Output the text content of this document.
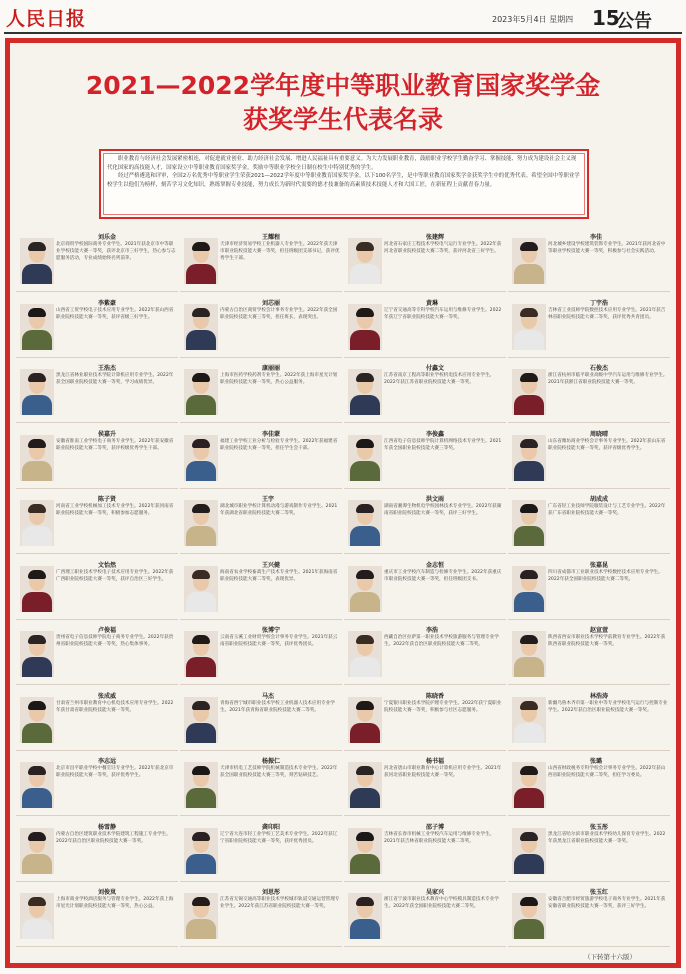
人民日报	2023年5月4日 星期四 15
公告
2021—2022学年度中等职业教育国家奖学金
获奖学生代表名录

职业教育与经济社会发展紧密相连，对促进就业创业、助力经济社会发展、增进人民福祉具有重要意义。为大力发展职业教育，鼓励职业学校学生勤奋学习、掌握技能、努力成为建设社会主义现代化国家的高技能人才，国家设立中等职业教育国家奖学金，奖励中等职业学校全日制在校生中特别优秀的学生。

经过严格遴选和评审，全国2万名优秀中等职业学生荣获2021—2022学年度中等职业教育国家奖学金，以下100名学生，是中等职业教育国家奖学金获奖学生中的优秀代表。希望全国中等职业学校学生以他们为榜样，刻苦学习文化知识，熟练掌握专业技能，努力成长为新时代需要的德才技兼备的高素质技术技能人才和大国工匠，在新征程上贡献青春力量。

刘乐金
北京商贸学校国际商务专业学生。2021年获北京市中等职业学校技能大赛一等奖，获评北京市三好学生，热心参与志愿服务活动，专业成绩始终名列前茅。
王耀程
天津市经济贸易学校工业机器人专业学生。2022年获天津市职业院校技能大赛一等奖，担任班级团支部书记，获评优秀学生干部。
张建辉
河北省石家庄工程技术学校电气运行专业学生。2022年获河北省职业院校技能大赛二等奖，获评河北省三好学生。
李佳
河北城乡建设学校建筑装饰专业学生。2021年获河北省中等职业学校技能大赛一等奖，积极参与社会实践活动。
李紫豪
山西省工贸学校电子技术应用专业学生。2022年获山西省职业院校技能大赛一等奖，获评省级三好学生。
刘芯丽
内蒙古自治区商贸学校会计事务专业学生。2022年获全国职业院校技能大赛三等奖，担任班长，表现突出。
黄琳
辽宁省交通高等专科学校汽车运用与维修专业学生。2022年获辽宁省职业院校技能大赛一等奖。
丁宇浩
吉林省工业技师学院数控技术应用专业学生。2021年获吉林省职业院校技能大赛二等奖，获评优秀共青团员。
王浩杰
黑龙江省林业职业技术学院计算机应用专业学生。2022年获全国职业院校技能大赛一等奖，学习成绩优异。
康丽丽
上海市医药学校药剂专业学生。2022年获上海市星光计划职业院校技能大赛一等奖，热心公益服务。
付鑫文
江苏省南京工程高等职业学校机电技术应用专业学生。2022年获江苏省职业院校技能大赛一等奖。
石俊杰
浙江省杭州市临平职业高级中学汽车运用与维修专业学生。2021年获浙江省职业院校技能大赛一等奖。
侯嘉升
安徽省淮南工业学校电子商务专业学生。2022年获安徽省职业院校技能大赛二等奖，获评校级优秀学生干部。
李佳蒙
福建工业学校工业分析与检验专业学生。2022年获福建省职业院校技能大赛一等奖，担任学生会干部。
李俊鑫
江西省电子信息技师学院计算机网络技术专业学生。2021年获全国职业院校技能大赛三等奖。
周晓晴
山东省潍坊商业学校会计事务专业学生。2022年获山东省职业院校技能大赛一等奖，获评省级优秀学生。
陈子贤
河南省工业学校机械加工技术专业学生。2022年获河南省职业院校技能大赛一等奖，积极参加志愿服务。
王宇
湖北城市职业学校计算机动漫与游戏制作专业学生。2021年获湖北省职业院校技能大赛二等奖。
洪文雨
湖南省湘潭生物机电学校园林技术专业学生。2022年获湖南省职业院校技能大赛一等奖，获评三好学生。
胡成成
广东省轻工业技师学院服装设计与工艺专业学生。2022年获广东省职业院校技能大赛一等奖。
文怡然
广西理工职业技术学校电子技术应用专业学生。2022年获广西职业院校技能大赛一等奖，获评自治区三好学生。
王兴健
海南省农业学校畜禽生产技术专业学生。2021年获海南省职业院校技能大赛二等奖，表现优异。
金志恒
重庆市工业学校汽车制造与检修专业学生。2022年获重庆市职业院校技能大赛一等奖，担任班级团支书。
张嘉昆
四川省成都市工业职业技术学校数控技术应用专业学生。2022年获全国职业院校技能大赛二等奖。
卢俊福
贵州省电子信息技师学院电子商务专业学生。2022年获贵州省职业院校技能大赛一等奖，热心集体事务。
张博宁
云南省玉溪工业财贸学校会计事务专业学生。2021年获云南省职业院校技能大赛一等奖，获评优秀团员。
李浩
西藏自治区拉萨第一职业技术学校旅游服务与管理专业学生。2022年获自治区职业院校技能大赛二等奖。
赵宣萱
陕西省西安市职业技术学校学前教育专业学生。2022年获陕西省职业院校技能大赛一等奖。
张成威
甘肃省兰州市职业教育中心机电技术应用专业学生。2022年获甘肃省职业院校技能大赛一等奖。
马杰
青海省西宁城市职业技术学校工业机器人技术应用专业学生。2021年获青海省职业院校技能大赛二等奖。
陈晓香
宁夏银川职业技术学院护理专业学生。2022年获宁夏职业院校技能大赛一等奖，积极参与社区志愿服务。
林浩涛
新疆乌鲁木齐市第一职业中等专业学校电气运行与控制专业学生。2022年获自治区职业院校技能大赛一等奖。
李志远
北京市昌平职业学校中餐烹饪专业学生。2022年获北京市职业院校技能大赛一等奖，获评优秀学生。
杨振仁
天津市机电工艺技师学院机械制造技术专业学生。2022年获全国职业院校技能大赛三等奖，刻苦钻研技艺。
杨书福
河北省唐山市职业教育中心计算机应用专业学生。2021年获河北省职业院校技能大赛一等奖。
张璐
山西省财政税务专科学校会计事务专业学生。2022年获山西省职业院校技能大赛二等奖，担任学习委员。
杨雪静
内蒙古自治区建筑职业技术学院建筑工程施工专业学生。2022年获自治区职业院校技能大赛一等奖。
龚印阳
辽宁省大连市轻工业学校工艺美术专业学生。2022年获辽宁省职业院校技能大赛一等奖，获评优秀团员。
邵子博
吉林省长春市机械工业学校汽车运用与维修专业学生。2021年获吉林省职业院校技能大赛二等奖。
张玉彤
黑龙江省哈尔滨市职业技术学校幼儿保育专业学生。2022年获黑龙江省职业院校技能大赛一等奖。
刘俊岚
上海市商业学校酒店服务与管理专业学生。2022年获上海市星光计划职业院校技能大赛一等奖，热心公益。
刘思彤
江苏省无锡交通高等职业技术学校城市轨道交通运营管理专业学生。2022年获江苏省职业院校技能大赛一等奖。
吴家兴
浙江省宁波市职业技术教育中心学校模具制造技术专业学生。2022年获全国职业院校技能大赛二等奖。
张玉红
安徽省合肥市经贸旅游学校电子商务专业学生。2021年获安徽省职业院校技能大赛一等奖，获评三好学生。
（下转第十六版）
